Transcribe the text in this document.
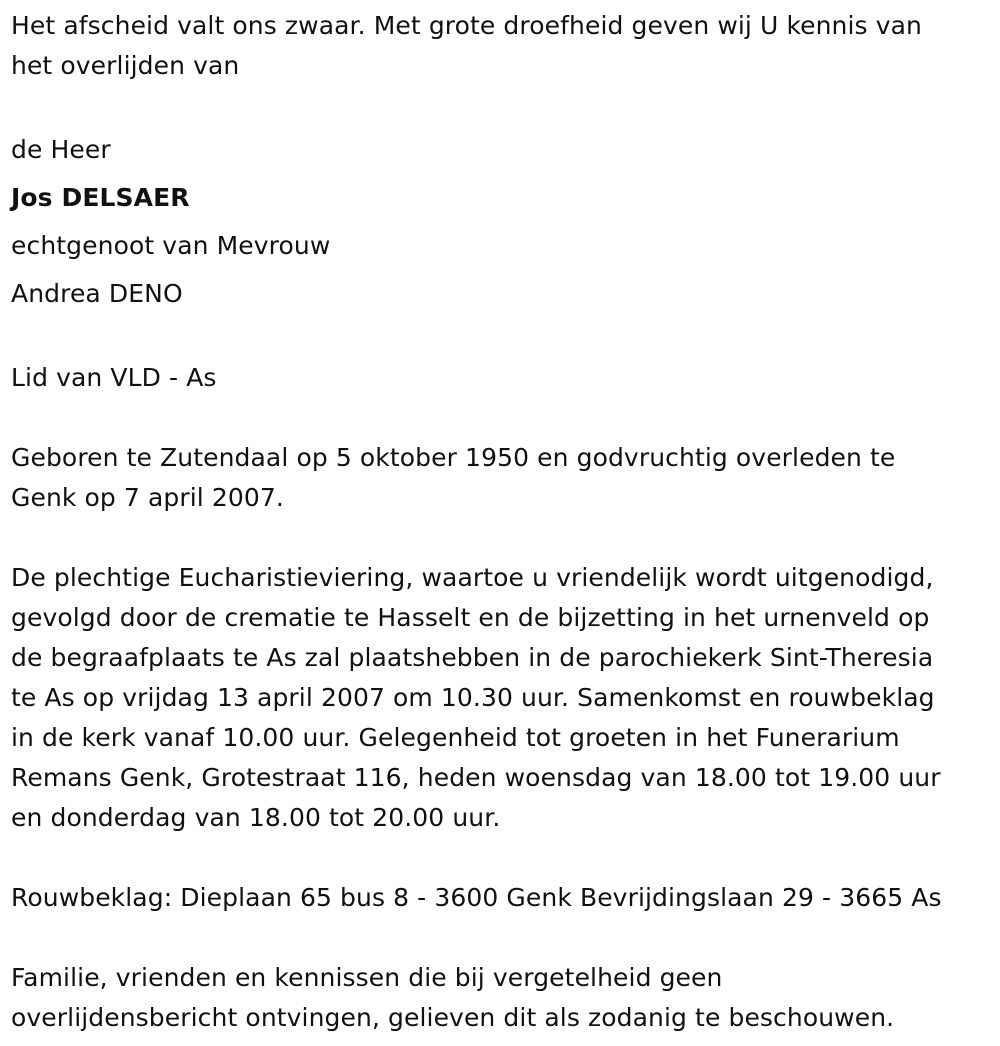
Het afscheid valt ons zwaar. Met grote droefheid geven wij U kennis van
het overlijden van
de Heer
Jos DELSAER
echtgenoot van Mevrouw
Andrea DENO
Lid van VLD - As
Geboren te Zutendaal op 5 oktober 1950 en godvruchtig overleden te
Genk op 7 april 2007.
De plechtige Eucharistieviering, waartoe u vriendelijk wordt uitgenodigd,
gevolgd door de crematie te Hasselt en de bijzetting in het urnenveld op
de begraafplaats te As zal plaatshebben in de parochiekerk Sint-Theresia
te As op vrijdag 13 april 2007 om 10.30 uur. Samenkomst en rouwbeklag
in de kerk vanaf 10.00 uur. Gelegenheid tot groeten in het Funerarium
Remans Genk, Grotestraat 116, heden woensdag van 18.00 tot 19.00 uur
en donderdag van 18.00 tot 20.00 uur.
Rouwbeklag: Dieplaan 65 bus 8 - 3600 Genk Bevrijdingslaan 29 - 3665 As
Familie, vrienden en kennissen die bij vergetelheid geen
overlijdensbericht ontvingen, gelieven dit als zodanig te beschouwen.
